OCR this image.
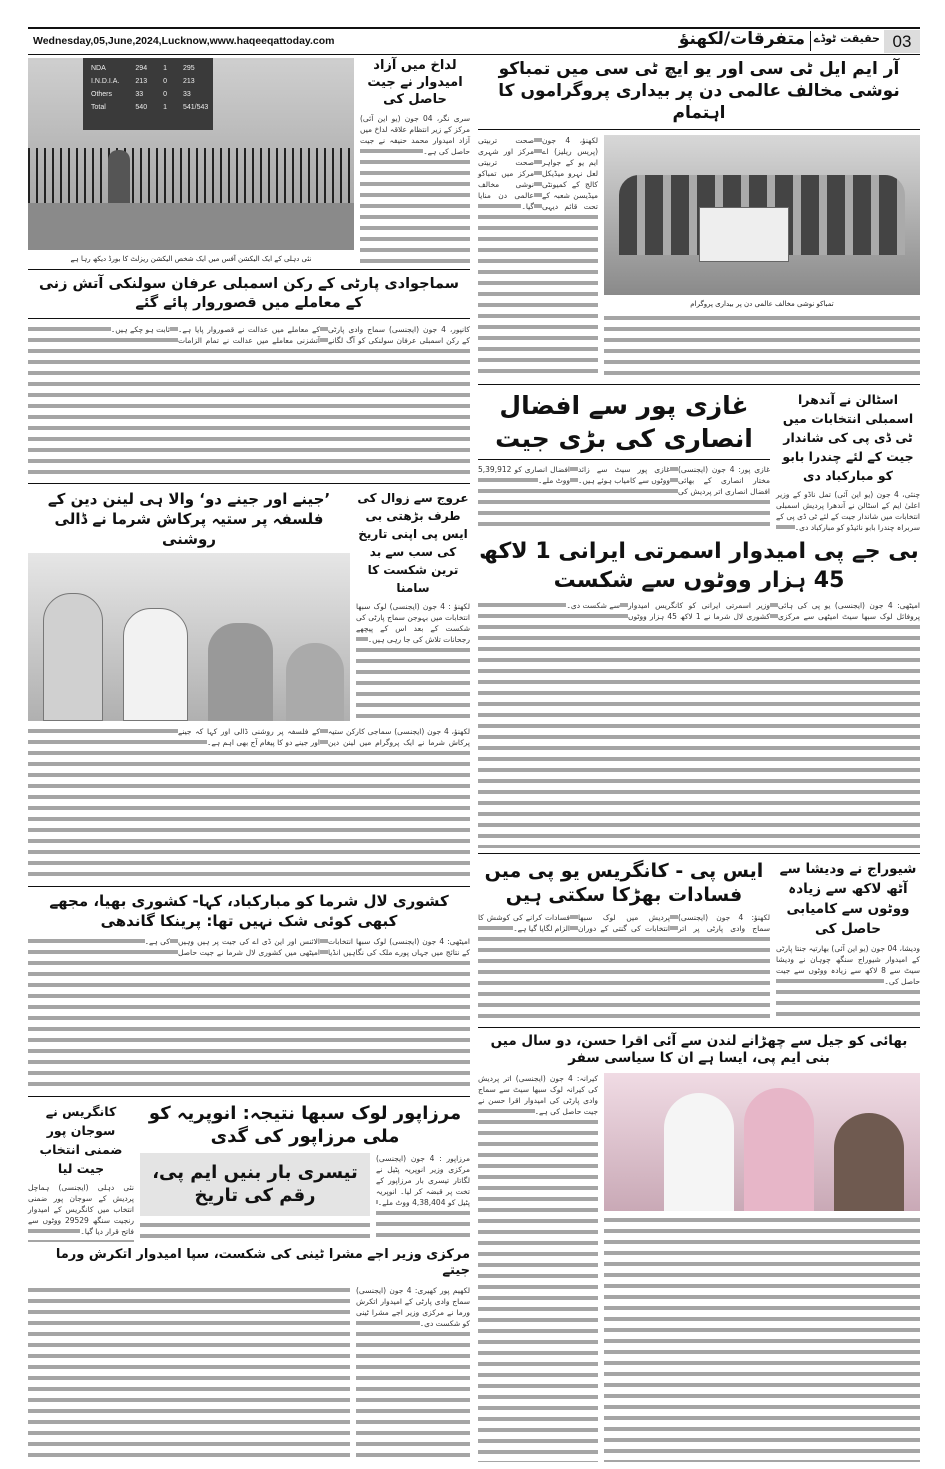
Wednesday,05,June,2024,Lucknow,www.haqeeqattoday.com	متفرقات/لکھنؤ حقیقت ٹوڈے 03
لداخ میں آزاد امیدوار نے جیت حاصل کی
سری نگر، 04 جون (یو این آئی) مرکز کے زیر انتظام علاقہ لداخ میں آزاد امیدوار محمد حنیفہ نے جیت حاصل کی ہے۔
NDA	294	1	295
I.N.D.I.A.	213	0	213
Others	33	0	33
Total	540	1	541/543
نئی دہلی کے ایک الیکشن آفس میں ایک شخص الیکشن ریزلٹ کا بورڈ دیکھ رہا ہے
سماجوادی پارٹی کے رکن اسمبلی عرفان سولنکی آتش زنی کے معاملے میں قصوروار پائے گئے
کانپور، 4 جون (ایجنسی) سماج وادی پارٹی کے رکن اسمبلی عرفان سولنکی کو آگ لگانے کے معاملے میں عدالت نے قصوروار پایا ہے۔ آتشزنی معاملے میں عدالت نے تمام الزامات ثابت ہو چکے ہیں۔
عروج سے زوال کی طرف بڑھتی بی ایس پی اپنی تاریخ کی سب سے بد ترین شکست کا سامنا
لکھنؤ : 4 جون (ایجنسی) لوک سبھا انتخابات میں بہوجن سماج پارٹی کی شکست کے بعد اس کے پیچھے رجحانات تلاش کی جا رہی ہیں۔
’جینے اور جینے دو‘ والا ہی لینن دین کے فلسفہ پر ستیہ پرکاش شرما نے ڈالی روشنی
لکھنؤ، 4 جون (ایجنسی) سماجی کارکن ستیہ پرکاش شرما نے ایک پروگرام میں لینن دین کے فلسفہ پر روشنی ڈالی اور کہا کہ جینے اور جینے دو کا پیغام آج بھی اہم ہے۔
کشوری لال شرما کو مبارکباد، کہا- کشوری بھیا، مجھے کبھی کوئی شک نہیں تھا: پرینکا گاندھی
امیٹھی: 4 جون (ایجنسی) لوک سبھا انتخابات کے نتائج میں جہاں پورے ملک کی نگاہیں انڈیا الائنس اور این ڈی اے کی جیت پر ہیں وہیں امیٹھی میں کشوری لال شرما نے جیت حاصل کی ہے۔
مرزاپور لوک سبھا نتیجہ: انوپریہ کو ملی مرزاپور کی گدی
مرزاپور : 4 جون (ایجنسی) مرکزی وزیر انوپریہ پٹیل نے لگاتار تیسری بار مرزاپور کے تخت پر قبضہ کر لیا۔ انوپریہ پٹیل کو 4,38,404 ووٹ ملے۔
تیسری بار بنیں ایم پی، رقم کی تاریخ
کانگریس نے سوجان پور ضمنی انتخاب جیت لیا
نئی دہلی (ایجنسی) ہماچل پردیش کے سوجان پور ضمنی انتخاب میں کانگریس کے امیدوار رنجیت سنگھ 29529 ووٹوں سے فاتح قرار دیا گیا۔
مرکزی وزیر اجے مشرا ٹینی کی شکست، سپا امیدوار اتکرش ورما جیتے
لکھیم پور کھیری: 4 جون (ایجنسی) سماج وادی پارٹی کے امیدوار اتکرش ورما نے مرکزی وزیر اجے مشرا ٹینی کو شکست دی۔
آر ایم ایل ٹی سی اور یو ایچ ٹی سی میں تمباکو نوشی مخالف عالمی دن پر بیداری پروگراموں کا اہتمام
تمباکو نوشی مخالف عالمی دن پر بیداری پروگرام
لکھنؤ، 4 جون (پریس ریلیز) اے ایم یو کے جواہر لعل نہرو میڈیکل کالج کے کمیونٹی میڈیسن شعبہ کے تحت قائم دیہی صحت تربیتی مرکز اور شہری صحت تربیتی مرکز میں تمباکو نوشی مخالف عالمی دن منایا گیا۔
اسٹالن نے آندھرا اسمبلی انتخابات میں ٹی ڈی پی کی شاندار جیت کے لئے چندرا بابو کو مبارکباد دی
چنئی، 4 جون (یو این آئی) تمل ناڈو کے وزیر اعلیٰ ایم کے اسٹالن نے آندھرا پردیش اسمبلی انتخابات میں شاندار جیت کے لئے ٹی ڈی پی کے سربراہ چندرا بابو نائیڈو کو مبارکباد دی۔
غازی پور سے افضال انصاری کی بڑی جیت
غازی پور: 4 جون (ایجنسی) مختار انصاری کے بھائی افضال انصاری اتر پردیش کی غازی پور سیٹ سے زائد ووٹوں سے کامیاب ہوئے ہیں۔ افضال انصاری کو 5,39,912 ووٹ ملے۔
بی جے پی امیدوار اسمرتی ایرانی 1 لاکھ 45 ہزار ووٹوں سے شکست
امیٹھی: 4 جون (ایجنسی) یو پی کی ہائی پروفائل لوک سبھا سیٹ امیٹھی سے مرکزی وزیر اسمرتی ایرانی کو کانگریس امیدوار کشوری لال شرما نے 1 لاکھ 45 ہزار ووٹوں سے شکست دی۔
شیوراج نے ودیشا سے آٹھ لاکھ سے زیادہ ووٹوں سے کامیابی حاصل کی
ودیشا، 04 جون (یو این آئی) بھارتیہ جنتا پارٹی کے امیدوار شیوراج سنگھ چوہان نے ودیشا سیٹ سے 8 لاکھ سے زیادہ ووٹوں سے جیت حاصل کی۔
ایس پی - کانگریس یو پی میں فسادات بھڑکا سکتی ہیں
لکھنؤ: 4 جون (ایجنسی) سماج وادی پارٹی پر اتر پردیش میں لوک سبھا انتخابات کی گنتی کے دوران فسادات کرانے کی کوشش کا الزام لگایا گیا ہے۔
بھائی کو جیل سے چھڑانے لندن سے آئی اقرا حسن، دو سال میں بنی ایم پی، ایسا ہے ان کا سیاسی سفر
کیرانہ: 4 جون (ایجنسی) اتر پردیش کی کیرانہ لوک سبھا سیٹ سے سماج وادی پارٹی کی امیدوار اقرا حسن نے جیت حاصل کی ہے۔
